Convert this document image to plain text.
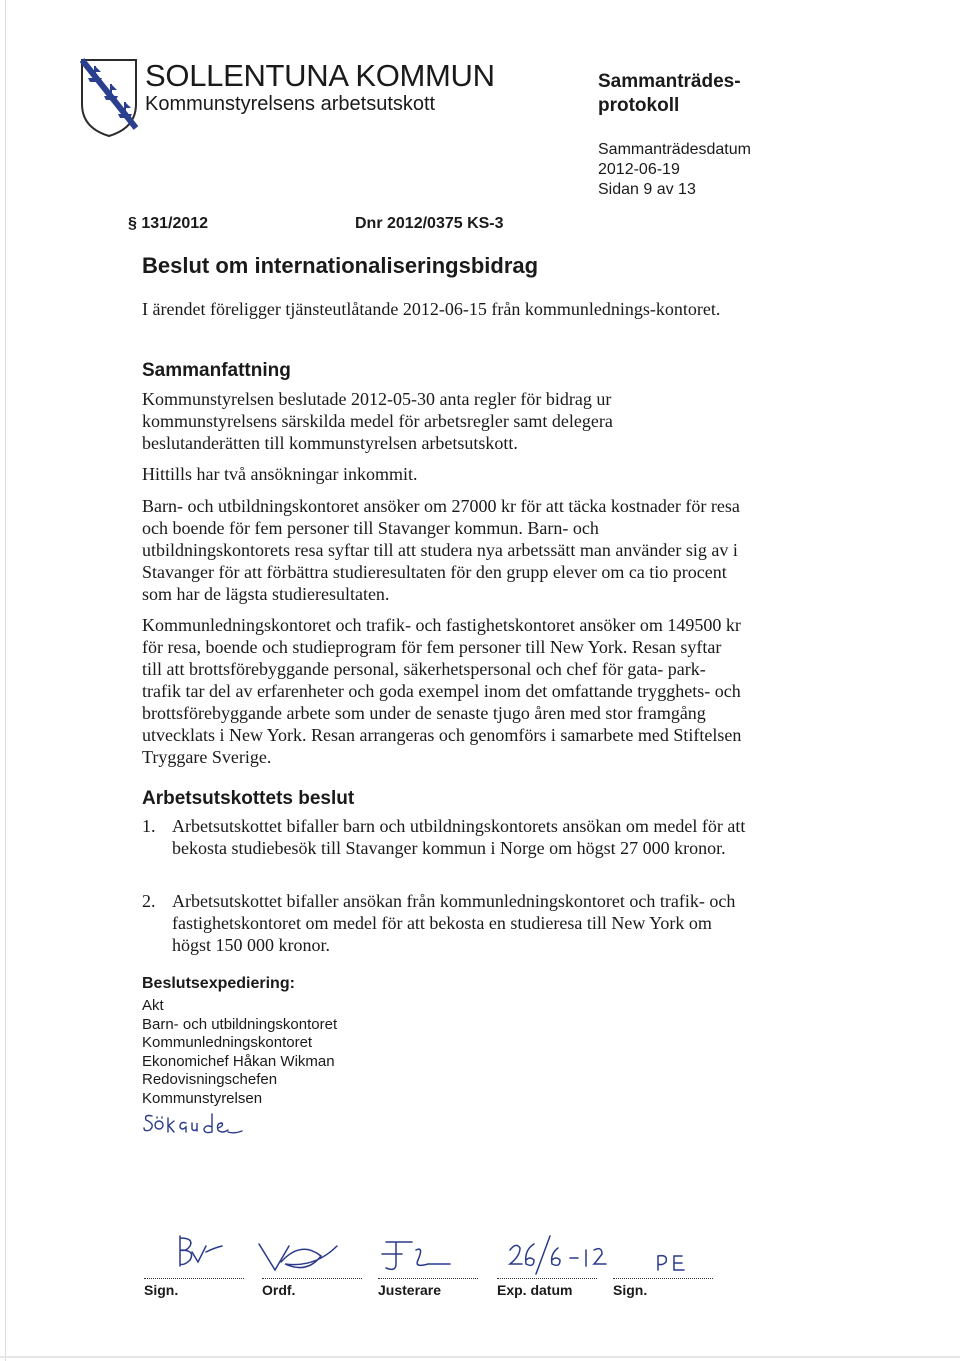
SOLLENTUNA KOMMUN
Kommunstyrelsens arbetsutskott
Sammanträdes-
protokoll
Sammanträdesdatum
2012-06-19
Sidan 9 av 13
§ 131/2012	Dnr 2012/0375 KS-3
Beslut om internationaliseringsbidrag
I ärendet föreligger tjänsteutlåtande 2012-06-15 från kommunlednings-kontoret.
Sammanfattning
Kommunstyrelsen beslutade 2012-05-30 anta regler för bidrag ur kommunstyrelsens särskilda medel för arbetsregler samt delegera beslutanderätten till kommunstyrelsen arbetsutskott.
Hittills har två ansökningar inkommit.
Barn- och utbildningskontoret ansöker om 27000 kr för att täcka kostnader för resa och boende för fem personer till Stavanger kommun. Barn- och utbildningskontorets resa syftar till att studera nya arbetssätt man använder sig av i Stavanger för att förbättra studieresultaten för den grupp elever om ca tio procent som har de lägsta studieresultaten.
Kommunledningskontoret och trafik- och fastighetskontoret ansöker om 149500 kr för resa, boende och studieprogram för fem personer till New York. Resan syftar till att brottsförebyggande personal, säkerhetspersonal och chef för gata- park-trafik tar del av erfarenheter och goda exempel inom det omfattande trygghets- och brottsförebyggande arbete som under de senaste tjugo åren med stor framgång utvecklats i New York. Resan arrangeras och genomförs i samarbete med Stiftelsen Tryggare Sverige.
Arbetsutskottets beslut
1. Arbetsutskottet bifaller barn och utbildningskontorets ansökan om medel för att bekosta studiebesök till Stavanger kommun i Norge om högst 27 000 kronor.
2. Arbetsutskottet bifaller ansökan från kommunledningskontoret och trafik- och fastighetskontoret om medel för att bekosta en studieresa till New York om högst 150 000 kronor.
Beslutsexpediering:
Akt
Barn- och utbildningskontoret
Kommunledningskontoret
Ekonomichef Håkan Wikman
Redovisningschefen
Kommunstyrelsen
Sign.	Ordf.	Justerare	Exp. datum	Sign.
